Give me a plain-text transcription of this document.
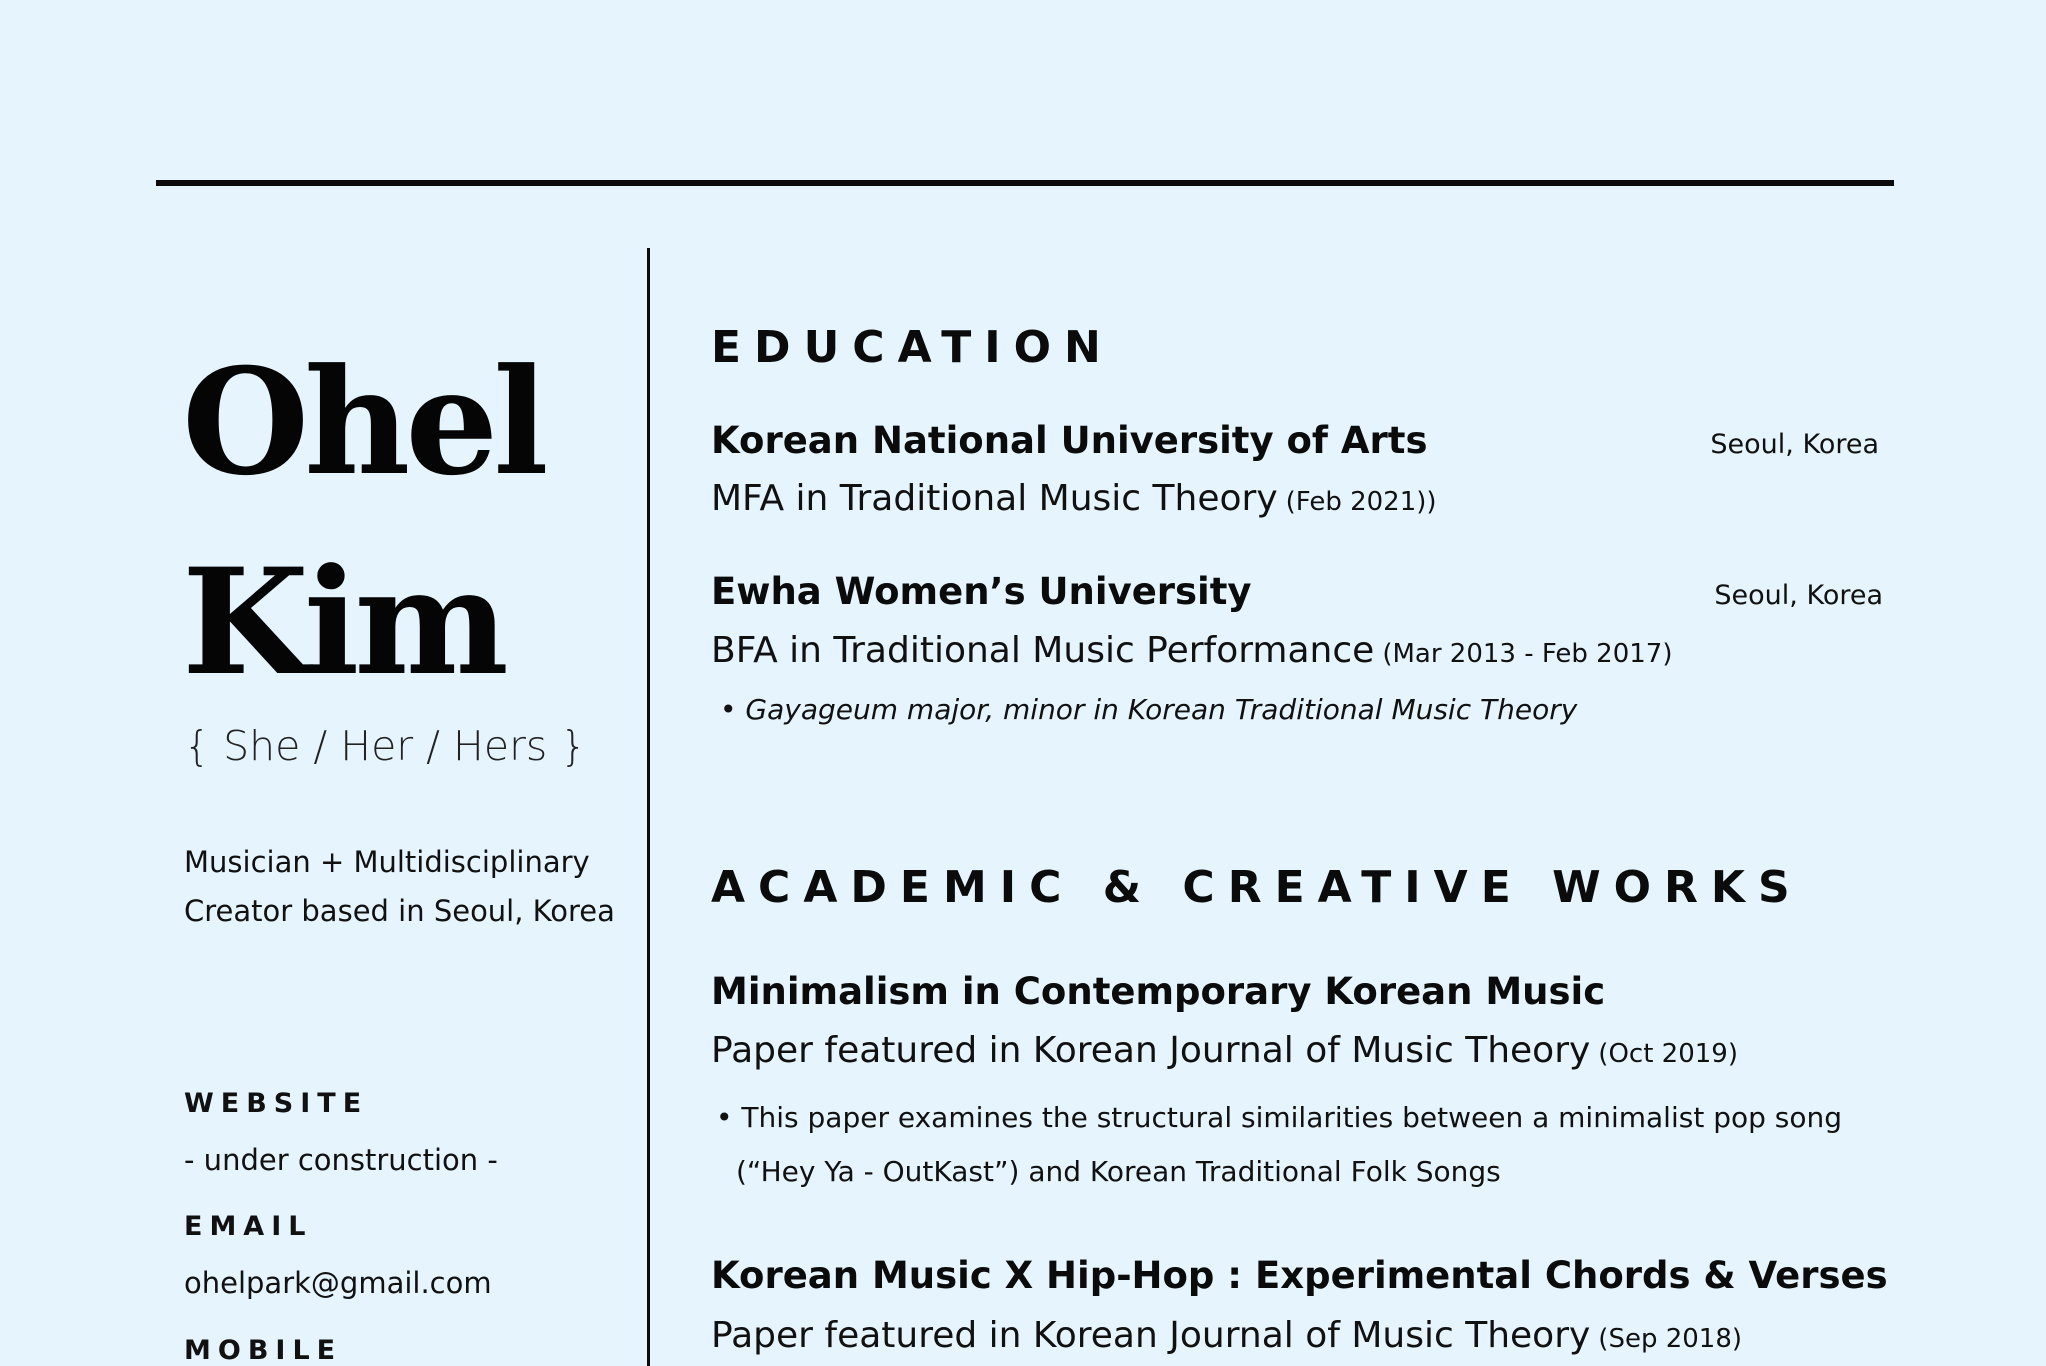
Ohel
Kim
{ She / Her / Hers }

Musician + Multidisciplinary
Creator based in Seoul, Korea

WEBSITE
- under construction -
EMAIL
ohelpark@gmail.com
MOBILE
EDUCATION
Korean National University of Arts	Seoul, Korea
MFA in Traditional Music Theory (Feb 2021))
Ewha Women’s University	Seoul, Korea
BFA in Traditional Music Performance (Mar 2013 - Feb 2017)
• Gayageum major, minor in Korean Traditional Music Theory
ACADEMIC & CREATIVE WORKS
Minimalism in Contemporary Korean Music
Paper featured in Korean Journal of Music Theory (Oct 2019)
• This paper examines the structural similarities between a minimalist pop song
(“Hey Ya - OutKast”) and Korean Traditional Folk Songs
Korean Music X Hip-Hop : Experimental Chords & Verses
Paper featured in Korean Journal of Music Theory (Sep 2018)
